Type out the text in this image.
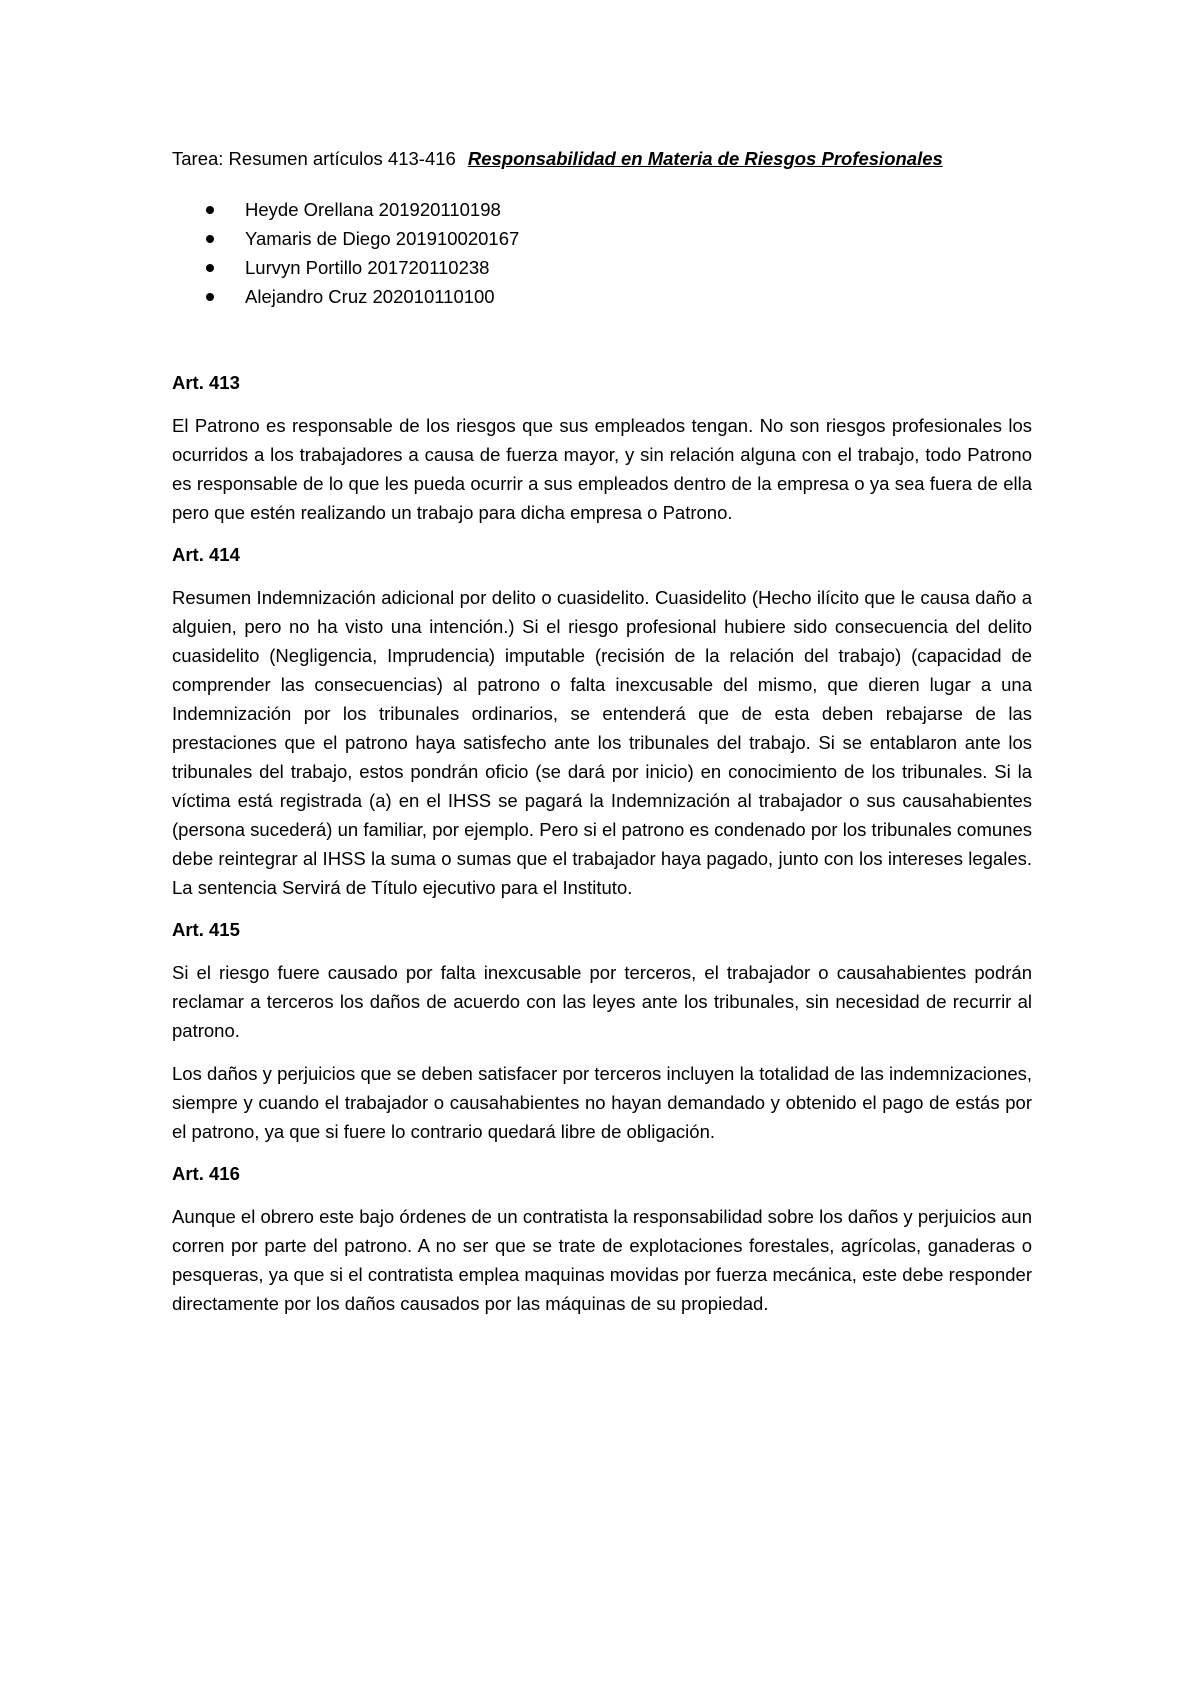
Tarea: Resumen artículos 413-416 Responsabilidad en Materia de Riesgos Profesionales

Heyde Orellana 201920110198
Yamaris de Diego 201910020167
Lurvyn Portillo 201720110238
Alejandro Cruz 202010110100

Art. 413

El Patrono es responsable de los riesgos que sus empleados tengan. No son riesgos profesionales los ocurridos a los trabajadores a causa de fuerza mayor, y sin relación alguna con el trabajo, todo Patrono es responsable de lo que les pueda ocurrir a sus empleados dentro de la empresa o ya sea fuera de ella pero que estén realizando un trabajo para dicha empresa o Patrono.

Art. 414

Resumen Indemnización adicional por delito o cuasidelito. Cuasidelito (Hecho ilícito que le causa daño a alguien, pero no ha visto una intención.) Si el riesgo profesional hubiere sido consecuencia del delito cuasidelito (Negligencia, Imprudencia) imputable (recisión de la relación del trabajo) (capacidad de comprender las consecuencias) al patrono o falta inexcusable del mismo, que dieren lugar a una Indemnización por los tribunales ordinarios, se entenderá que de esta deben rebajarse de las prestaciones que el patrono haya satisfecho ante los tribunales del trabajo. Si se entablaron ante los tribunales del trabajo, estos pondrán oficio (se dará por inicio) en conocimiento de los tribunales. Si la víctima está registrada (a) en el IHSS se pagará la Indemnización al trabajador o sus causahabientes (persona sucederá) un familiar, por ejemplo. Pero si el patrono es condenado por los tribunales comunes debe reintegrar al IHSS la suma o sumas que el trabajador haya pagado, junto con los intereses legales. La sentencia Servirá de Título ejecutivo para el Instituto.

Art. 415

Si el riesgo fuere causado por falta inexcusable por terceros, el trabajador o causahabientes podrán reclamar a terceros los daños de acuerdo con las leyes ante los tribunales, sin necesidad de recurrir al patrono.

Los daños y perjuicios que se deben satisfacer por terceros incluyen la totalidad de las indemnizaciones, siempre y cuando el trabajador o causahabientes no hayan demandado y obtenido el pago de estás por el patrono, ya que si fuere lo contrario quedará libre de obligación.

Art. 416

Aunque el obrero este bajo órdenes de un contratista la responsabilidad sobre los daños y perjuicios aun corren por parte del patrono. A no ser que se trate de explotaciones forestales, agrícolas, ganaderas o pesqueras, ya que si el contratista emplea maquinas movidas por fuerza mecánica, este debe responder directamente por los daños causados por las máquinas de su propiedad.
